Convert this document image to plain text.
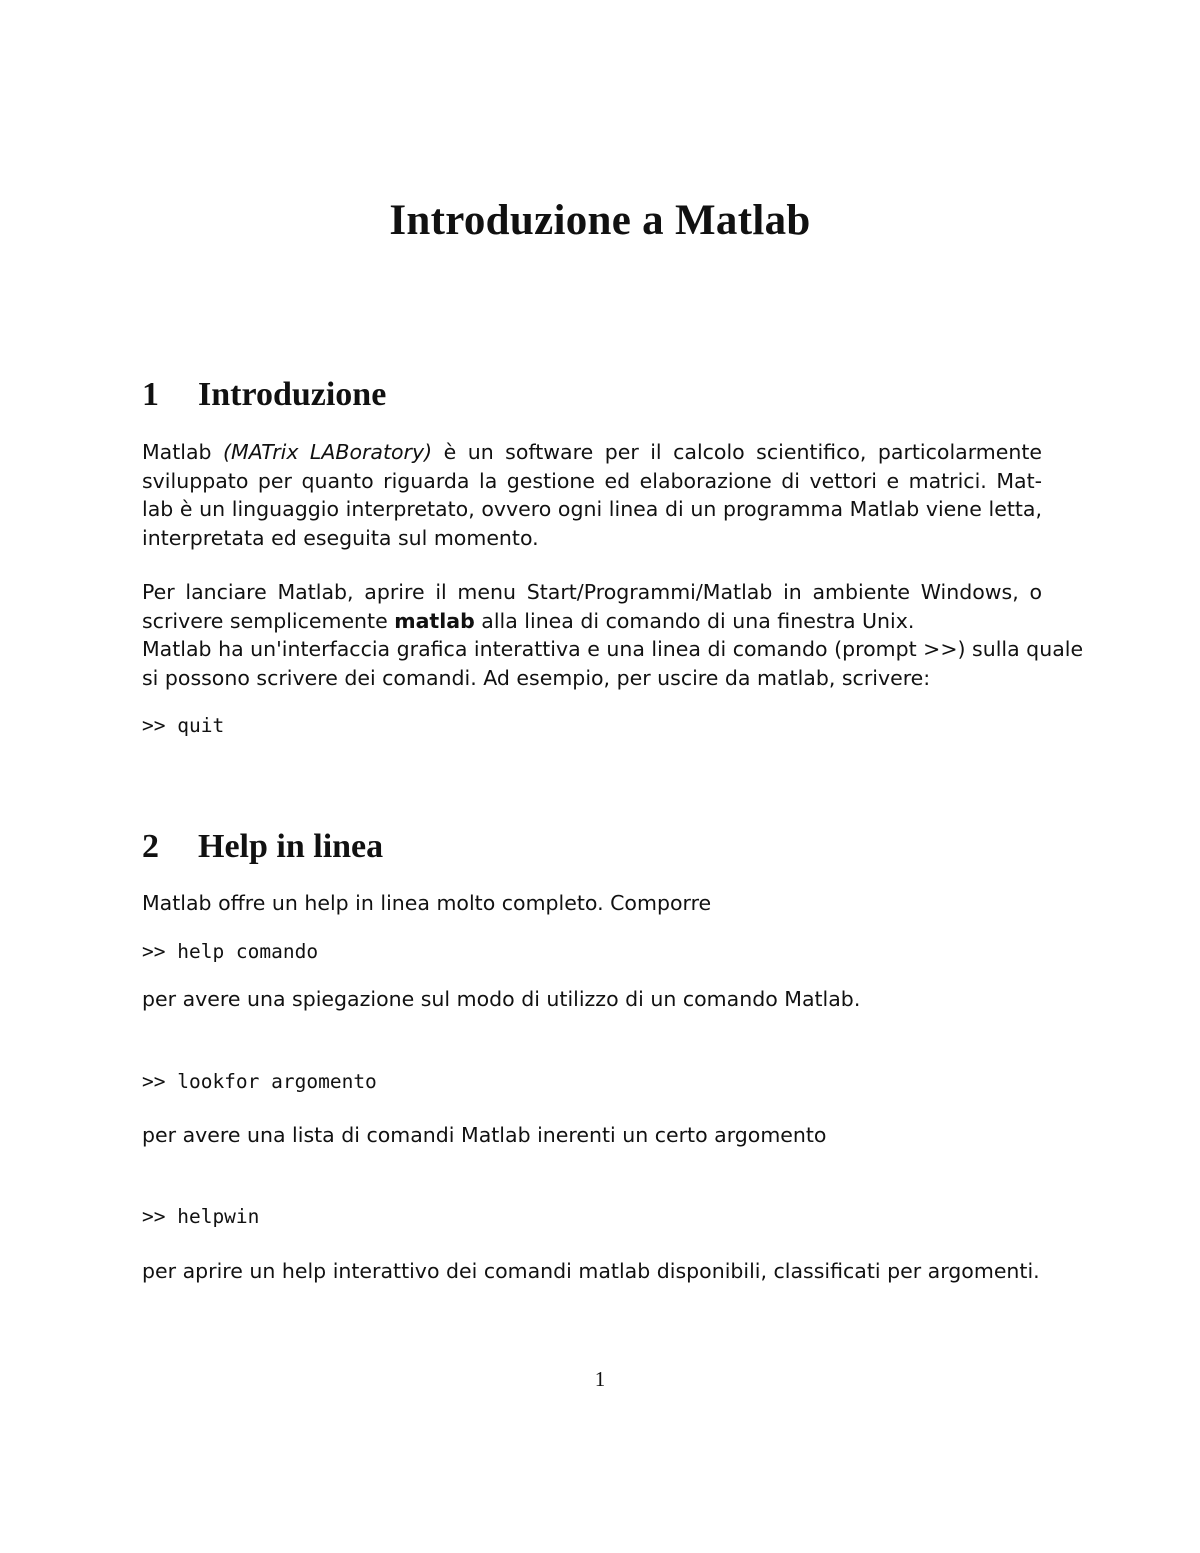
Introduzione a Matlab
1 Introduzione

Matlab (MATrix LABoratory) è un software per il calcolo scientifico, particolarmente
sviluppato per quanto riguarda la gestione ed elaborazione di vettori e matrici. Mat-
lab è un linguaggio interpretato, ovvero ogni linea di un programma Matlab viene letta,
interpretata ed eseguita sul momento.

Per lanciare Matlab, aprire il menu Start/Programmi/Matlab in ambiente Windows, o
scrivere semplicemente matlab alla linea di comando di una finestra Unix.
Matlab ha un'interfaccia grafica interattiva e una linea di comando (prompt >>) sulla quale
si possono scrivere dei comandi. Ad esempio, per uscire da matlab, scrivere:

>> quit
2 Help in linea

Matlab offre un help in linea molto completo. Comporre

>> help comando

per avere una spiegazione sul modo di utilizzo di un comando Matlab.

>> lookfor argomento

per avere una lista di comandi Matlab inerenti un certo argomento

>> helpwin

per aprire un help interattivo dei comandi matlab disponibili, classificati per argomenti.

1
